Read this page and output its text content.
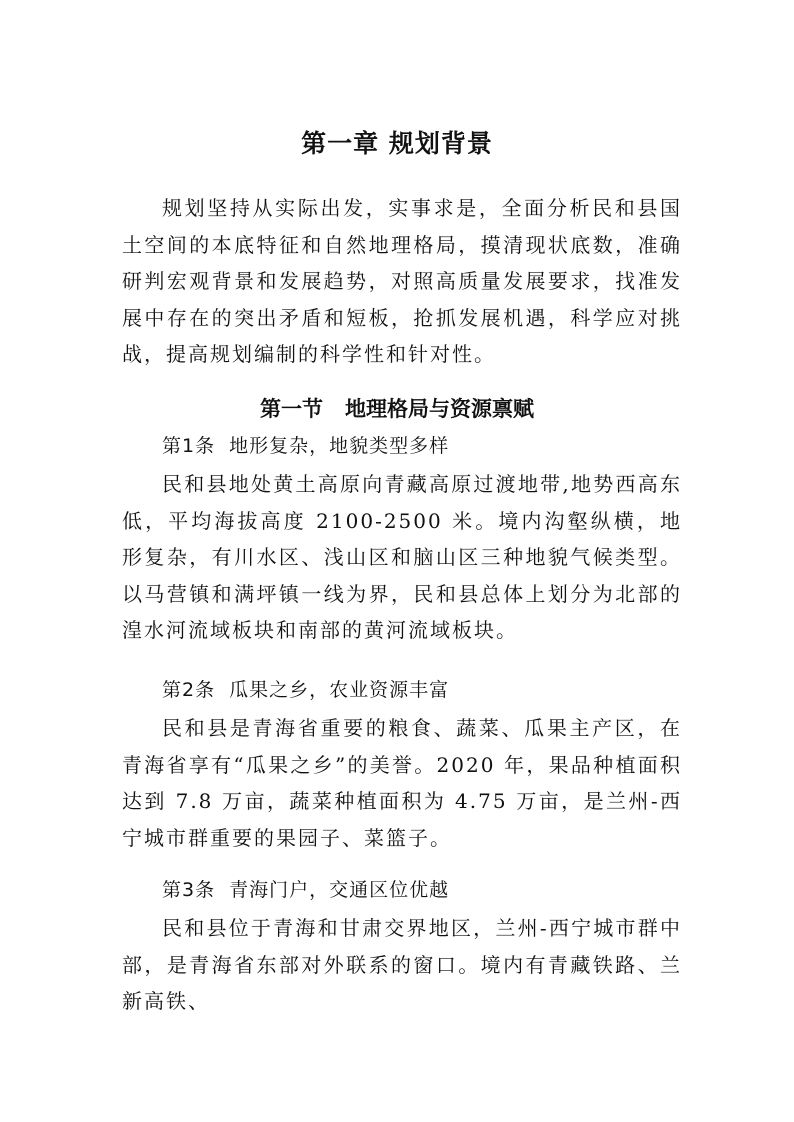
第一章 规划背景

规划坚持从实际出发，实事求是，全面分析民和县国土空间的本底特征和自然地理格局，摸清现状底数，准确研判宏观背景和发展趋势，对照高质量发展要求，找准发展中存在的突出矛盾和短板，抢抓发展机遇，科学应对挑战，提高规划编制的科学性和针对性。

第一节   地理格局与资源禀赋
第1条  地形复杂，地貌类型多样

民和县地处黄土高原向青藏高原过渡地带,地势西高东低，平均海拔高度 2100-2500 米。境内沟壑纵横，地形复杂，有川水区、浅山区和脑山区三种地貌气候类型。以马营镇和满坪镇一线为界，民和县总体上划分为北部的湟水河流域板块和南部的黄河流域板块。

第2条  瓜果之乡，农业资源丰富

民和县是青海省重要的粮食、蔬菜、瓜果主产区，在青海省享有“瓜果之乡”的美誉。2020 年，果品种植面积达到 7.8 万亩，蔬菜种植面积为 4.75 万亩，是兰州-西宁城市群重要的果园子、菜篮子。

第3条  青海门户，交通区位优越

民和县位于青海和甘肃交界地区，兰州-西宁城市群中部，是青海省东部对外联系的窗口。境内有青藏铁路、兰新高铁、
